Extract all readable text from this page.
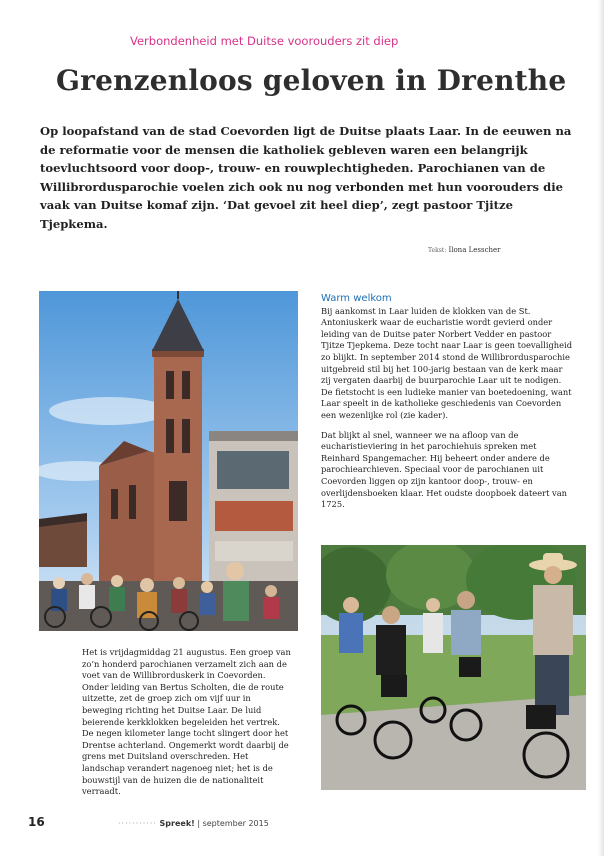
Verbondenheid met Duitse voorouders zit diep
Grenzenloos geloven in Drenthe
Op loopafstand van de stad Coevorden ligt de Duitse plaats Laar. In de eeuwen na de reformatie voor de mensen die katholiek gebleven waren een belangrijk toevluchtsoord voor doop-, trouw- en rouwplechtigheden. Parochianen van de Willibrordusparochie voelen zich ook nu nog verbonden met hun voorouders die vaak van Duitse komaf zijn. ‘Dat gevoel zit heel diep’, zegt pastoor Tjitze Tjepkema.
Tekst: Ilona Lesscher
Warm welkom

Bij aankomst in Laar luiden de klokken van de St. Antoniuskerk waar de eucharistie wordt gevierd onder leiding van de Duitse pater Norbert Vedder en pastoor Tjitze Tjepkema. Deze tocht naar Laar is geen toevalligheid zo blijkt. In september 2014 stond de Willibrordusparochie uitgebreid stil bij het 100-jarig bestaan van de kerk maar zij vergaten daarbij de buurparochie Laar uit te nodigen. De fietstocht is een ludieke manier van boetedoening, want Laar speelt in de katholieke geschiedenis van Coevorden een wezenlijke rol (zie kader).

Dat blijkt al snel, wanneer we na afloop van de eucharistieviering in het parochiehuis spreken met Reinhard Spangemacher. Hij beheert onder andere de parochiearchieven. Speciaal voor de parochianen uit Coevorden liggen op zijn kantoor doop-, trouw- en overlijdensboeken klaar. Het oudste doopboek dateert van 1725.

Het is vrijdagmiddag 21 augustus. Een groep van zo’n honderd parochianen verzamelt zich aan de voet van de Willibrorduskerk in Coevorden. Onder leiding van Bertus Scholten, die de route uitzette, zet de groep zich om vijf uur in beweging richting het Duitse Laar. De luid beierende kerkklokken begeleiden het vertrek. De negen kilometer lange tocht slingert door het Drentse achterland. Ongemerkt wordt daarbij de grens met Duitsland overschreden. Het landschap verandert nagenoeg niet; het is de bouwstijl van de huizen die de nationaliteit verraadt.

16	··········· Spreek! | september 2015
